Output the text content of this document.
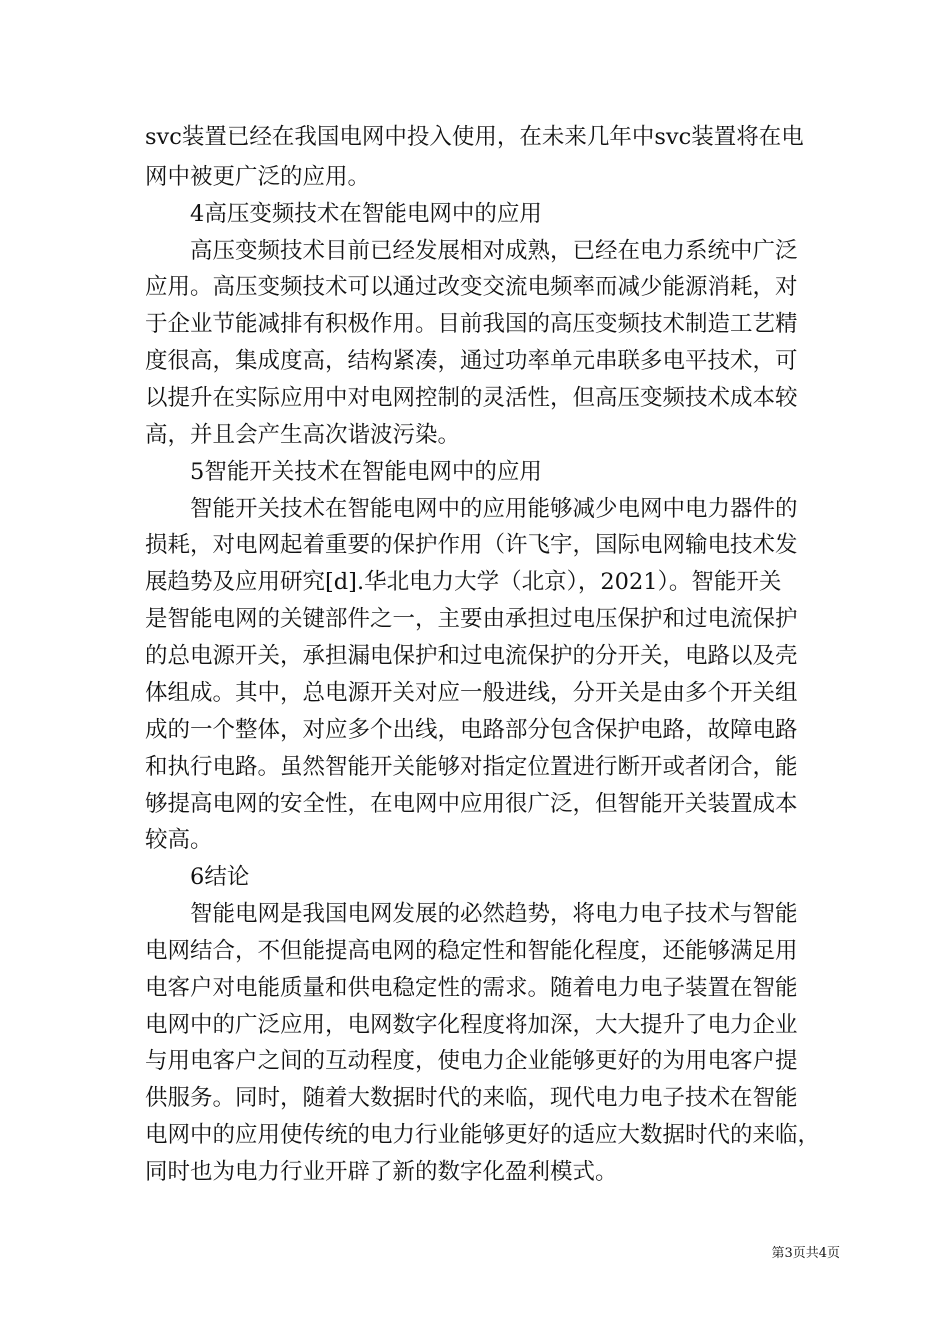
svc装置已经在我国电网中投入使用，在未来几年中svc装置将在电
网中被更广泛的应用。
　　4高压变频技术在智能电网中的应用
　　高压变频技术目前已经发展相对成熟，已经在电力系统中广泛
应用。高压变频技术可以通过改变交流电频率而减少能源消耗，对
于企业节能减排有积极作用。目前我国的高压变频技术制造工艺精
度很高，集成度高，结构紧凑，通过功率单元串联多电平技术，可
以提升在实际应用中对电网控制的灵活性，但高压变频技术成本较
高，并且会产生高次谐波污染。
　　5智能开关技术在智能电网中的应用
　　智能开关技术在智能电网中的应用能够减少电网中电力器件的
损耗，对电网起着重要的保护作用（许飞宇，国际电网输电技术发
展趋势及应用研究[d].华北电力大学（北京），2021）。智能开关
是智能电网的关键部件之一，主要由承担过电压保护和过电流保护
的总电源开关，承担漏电保护和过电流保护的分开关，电路以及壳
体组成。其中，总电源开关对应一般进线，分开关是由多个开关组
成的一个整体，对应多个出线，电路部分包含保护电路，故障电路
和执行电路。虽然智能开关能够对指定位置进行断开或者闭合，能
够提高电网的安全性，在电网中应用很广泛，但智能开关装置成本
较高。
　　6结论
　　智能电网是我国电网发展的必然趋势，将电力电子技术与智能
电网结合，不但能提高电网的稳定性和智能化程度，还能够满足用
电客户对电能质量和供电稳定性的需求。随着电力电子装置在智能
电网中的广泛应用，电网数字化程度将加深，大大提升了电力企业
与用电客户之间的互动程度，使电力企业能够更好的为用电客户提
供服务。同时，随着大数据时代的来临，现代电力电子技术在智能
电网中的应用使传统的电力行业能够更好的适应大数据时代的来临，
同时也为电力行业开辟了新的数字化盈利模式。
第3页共4页
